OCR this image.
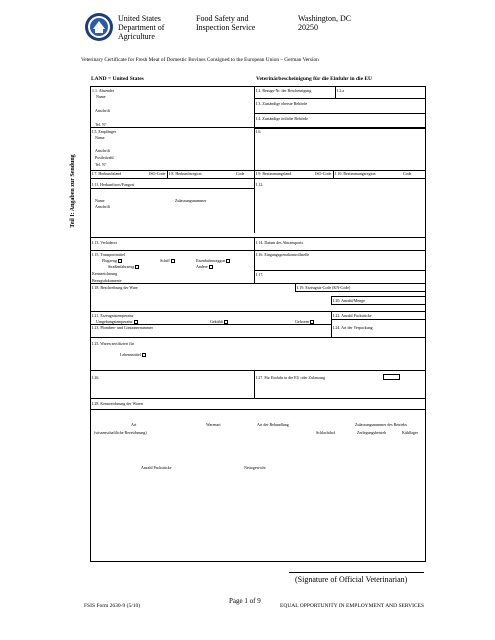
United States
Department of
Agriculture
Food Safety and
Inspection Service
Washington, DC
20250
Veterinary Certificate for Fresh Meat of Domestic Bovines Consigned to the European Union – German Version
LAND = United States	Veterinärbescheinigung für die Einfuhr in die EU
Teil I: Angaben zur Sendung
1.1. Absender
Name
Anschrift
Tel. N°
I.2. Bezugs-Nr. der Bescheinigung	I.2.a
I.3. Zuständige oberste Behörde
I.4. Zuständige örtliche Behörde
I.5. Empfänger
Name
Anschrift
Postleitzahl
Tel. N°
I.6.
I.7. Herkunftsland	ISO-Code I.8. Herkunftsregion	Code	I.9. Bestimmungsland	ISO-Code I.10. Bestimmungsregion	Code
I.11. Herkunftsort/Fangort
Name	Zulassungsnummer
Anschrift
I.12.
I.13. Verladeort	I.14. Datum des Abtransports
I.15. Transportmittel
Flugzeug	Schiff	Eisenbahnwaggon
Straßenfahrzeug	Andere
Kennzeichnung
Bezugsdokumente
I.16. Eingangsgrenzkontrollstelle
I.17.
I.18. Beschreibung der Ware	I.19. Erzeugnis-Code (KN-Code)
I.20. Anzahl/Menge
I.21. Erzeugnistemperatur
Umgebungstemperatur	Gekühlt	Gefroren
I.22. Anzahl Packstücke
I.23. Plomben- und Containernummer	I.24. Art der Verpackung
I.25. Waren zertifiziert für
Lebensmittel
I.26.	I.27. Für Einfuhr in die EU oder Zulassung
I.28. Kennzeichnung der Waren
Art
(wissenschaftliche Bezeichnung)
Warenart	Art der Behandlung	Zulassungsnummer des Betriebs
Schlachthof	Zerlegungsbetrieb	Kühllager
Anzahl Packstücke	Nettogewicht
(Signature of Official Veterinarian)
Page 1 of 9
FSIS Form 2630-9 (5/10)	EQUAL OPPORTUNITY IN EMPLOYMENT AND SERVICES
